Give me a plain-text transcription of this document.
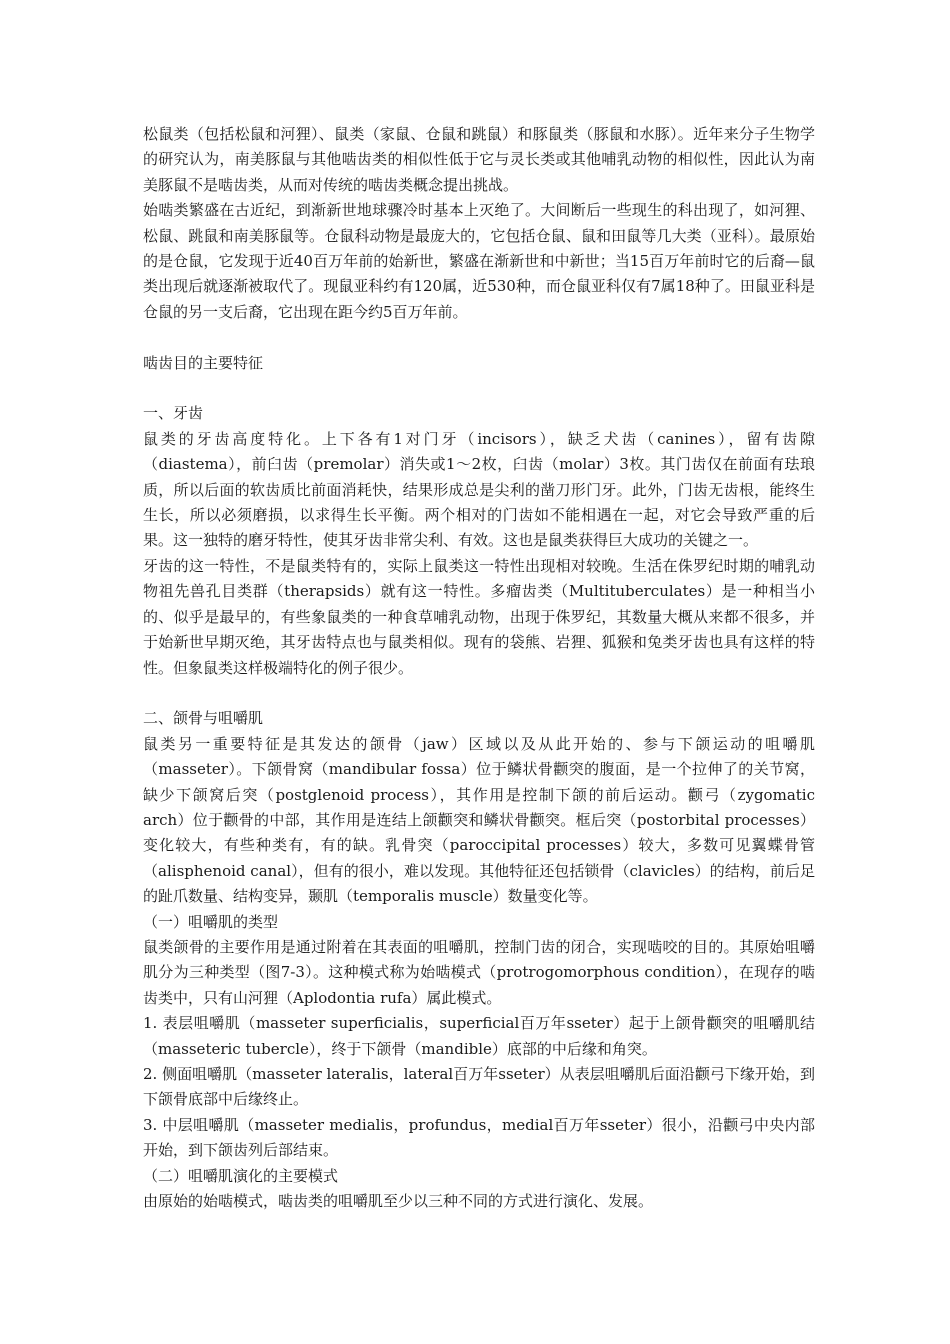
松鼠类（包括松鼠和河狸）、鼠类（家鼠、仓鼠和跳鼠）和豚鼠类（豚鼠和水豚）。近年来分子生物学的研究认为，南美豚鼠与其他啮齿类的相似性低于它与灵长类或其他哺乳动物的相似性，因此认为南美豚鼠不是啮齿类，从而对传统的啮齿类概念提出挑战。

始啮类繁盛在古近纪，到渐新世地球骤冷时基本上灭绝了。大间断后一些现生的科出现了，如河狸、松鼠、跳鼠和南美豚鼠等。仓鼠科动物是最庞大的，它包括仓鼠、鼠和田鼠等几大类（亚科）。最原始的是仓鼠，它发现于近40百万年前的始新世，繁盛在渐新世和中新世；当15百万年前时它的后裔—鼠类出现后就逐渐被取代了。现鼠亚科约有120属，近530种，而仓鼠亚科仅有7属18种了。田鼠亚科是仓鼠的另一支后裔，它出现在距今约5百万年前。

啮齿目的主要特征

一、牙齿

鼠类的牙齿高度特化。上下各有1对门牙（incisors），缺乏犬齿（canines），留有齿隙（diastema），前臼齿（premolar）消失或1～2枚，臼齿（molar）3枚。其门齿仅在前面有珐琅质，所以后面的软齿质比前面消耗快，结果形成总是尖利的凿刀形门牙。此外，门齿无齿根，能终生生长，所以必须磨损，以求得生长平衡。两个相对的门齿如不能相遇在一起，对它会导致严重的后果。这一独特的磨牙特性，使其牙齿非常尖利、有效。这也是鼠类获得巨大成功的关键之一。

牙齿的这一特性，不是鼠类特有的，实际上鼠类这一特性出现相对较晚。生活在侏罗纪时期的哺乳动物祖先兽孔目类群（therapsids）就有这一特性。多瘤齿类（Multituberculates）是一种相当小的、似乎是最早的，有些象鼠类的一种食草哺乳动物，出现于侏罗纪，其数量大概从来都不很多，并于始新世早期灭绝，其牙齿特点也与鼠类相似。现有的袋熊、岩狸、狐猴和兔类牙齿也具有这样的特性。但象鼠类这样极端特化的例子很少。

二、颌骨与咀嚼肌

鼠类另一重要特征是其发达的颌骨（jaw）区域以及从此开始的、参与下颌运动的咀嚼肌（masseter）。下颌骨窝（mandibular fossa）位于鳞状骨颧突的腹面，是一个拉伸了的关节窝，缺少下颌窝后突（postglenoid process），其作用是控制下颌的前后运动。颧弓（zygomatic arch）位于颧骨的中部，其作用是连结上颌颧突和鳞状骨颧突。框后突（postorbital processes）变化较大，有些种类有，有的缺。乳骨突（paroccipital processes）较大，多数可见翼蝶骨管（alisphenoid canal），但有的很小，难以发现。其他特征还包括锁骨（clavicles）的结构，前后足的趾爪数量、结构变异，颞肌（temporalis muscle）数量变化等。

（一）咀嚼肌的类型

鼠类颌骨的主要作用是通过附着在其表面的咀嚼肌，控制门齿的闭合，实现啮咬的目的。其原始咀嚼肌分为三种类型（图7-3）。这种模式称为始啮模式（protrogomorphous condition），在现存的啮齿类中，只有山河狸（Aplodontia rufa）属此模式。

1. 表层咀嚼肌（masseter superficialis，superficial百万年sseter）起于上颌骨颧突的咀嚼肌结（masseteric tubercle），终于下颌骨（mandible）底部的中后缘和角突。

2. 侧面咀嚼肌（masseter lateralis，lateral百万年sseter）从表层咀嚼肌后面沿颧弓下缘开始，到下颌骨底部中后缘终止。

3. 中层咀嚼肌（masseter medialis，profundus，medial百万年sseter）很小，沿颧弓中央内部开始，到下颌齿列后部结束。

（二）咀嚼肌演化的主要模式

由原始的始啮模式，啮齿类的咀嚼肌至少以三种不同的方式进行演化、发展。
